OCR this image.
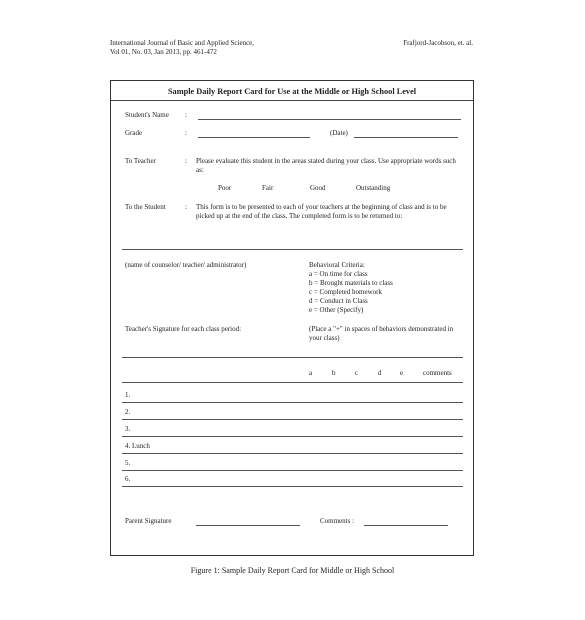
International Journal of Basic and Applied Science,
Vol 01, No. 03, Jan 2013, pp. 461-472
Frafjord-Jacobson, et. al.
Sample Daily Report Card for Use at the Middle or High School Level
Student's Name :
Grade	:	(Date)
To Teacher	: Please evaluate this student in the areas stated during your class. Use appropriate words such as:
Poor	Fair	Good	Outstanding
To the Student	: This form is to be presented to each of your teachers at the beginning of class and is to be picked up at the end of the class. The completed form is to be returned to:
(name of counselor/ teacher/ administrator)	Behavioral Criteria:
a = On time for class
b = Brought materials to class
c = Completed homework
d = Conduct in Class
e = Other (Specify)
Teacher's Signature for each class period:	(Place a "+" in spaces of behaviors demonstrated in your class)
a	b	c	d	e	comments
1.
2.
3.
4. Lunch
5.
6.
Parent Signature	Comments :
Figure 1: Sample Daily Report Card for Middle or High School
